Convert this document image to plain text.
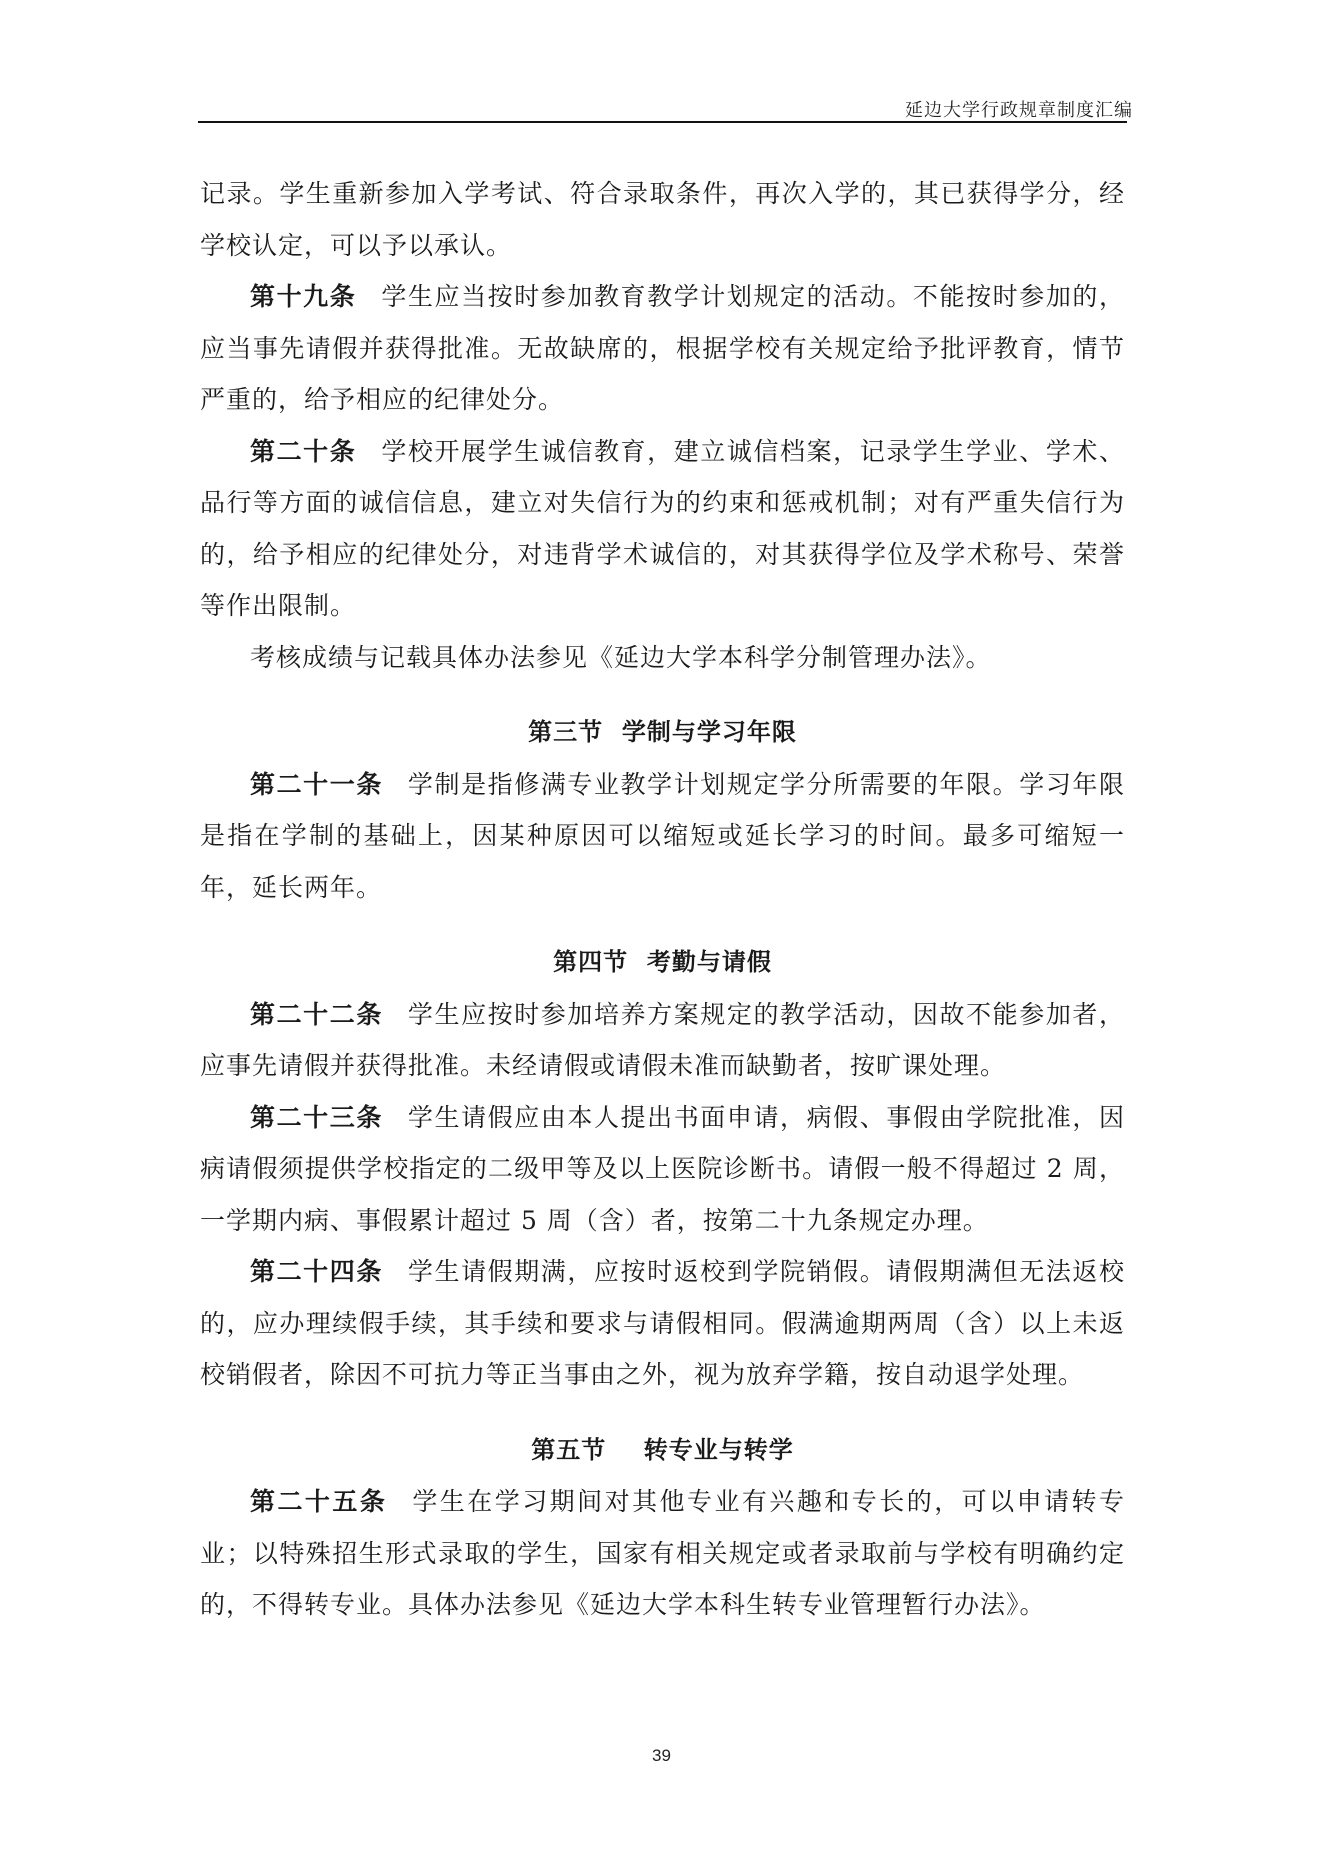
延边大学行政规章制度汇编

记录。学生重新参加入学考试、符合录取条件，再次入学的，其已获得学分，经学校认定，可以予以承认。

第十九条 学生应当按时参加教育教学计划规定的活动。不能按时参加的，应当事先请假并获得批准。无故缺席的，根据学校有关规定给予批评教育，情节严重的，给予相应的纪律处分。

第二十条 学校开展学生诚信教育，建立诚信档案，记录学生学业、学术、品行等方面的诚信信息，建立对失信行为的约束和惩戒机制；对有严重失信行为的，给予相应的纪律处分，对违背学术诚信的，对其获得学位及学术称号、荣誉等作出限制。

考核成绩与记载具体办法参见《延边大学本科学分制管理办法》。

第三节  学制与学习年限

第二十一条 学制是指修满专业教学计划规定学分所需要的年限。学习年限是指在学制的基础上，因某种原因可以缩短或延长学习的时间。最多可缩短一年，延长两年。

第四节  考勤与请假

第二十二条 学生应按时参加培养方案规定的教学活动，因故不能参加者，应事先请假并获得批准。未经请假或请假未准而缺勤者，按旷课处理。

第二十三条 学生请假应由本人提出书面申请，病假、事假由学院批准，因病请假须提供学校指定的二级甲等及以上医院诊断书。请假一般不得超过 2 周，一学期内病、事假累计超过 5 周（含）者，按第二十九条规定办理。

第二十四条 学生请假期满，应按时返校到学院销假。请假期满但无法返校的，应办理续假手续，其手续和要求与请假相同。假满逾期两周（含）以上未返校销假者，除因不可抗力等正当事由之外，视为放弃学籍，按自动退学处理。

第五节    转专业与转学

第二十五条 学生在学习期间对其他专业有兴趣和专长的，可以申请转专业；以特殊招生形式录取的学生，国家有相关规定或者录取前与学校有明确约定的，不得转专业。具体办法参见《延边大学本科生转专业管理暂行办法》。

39
